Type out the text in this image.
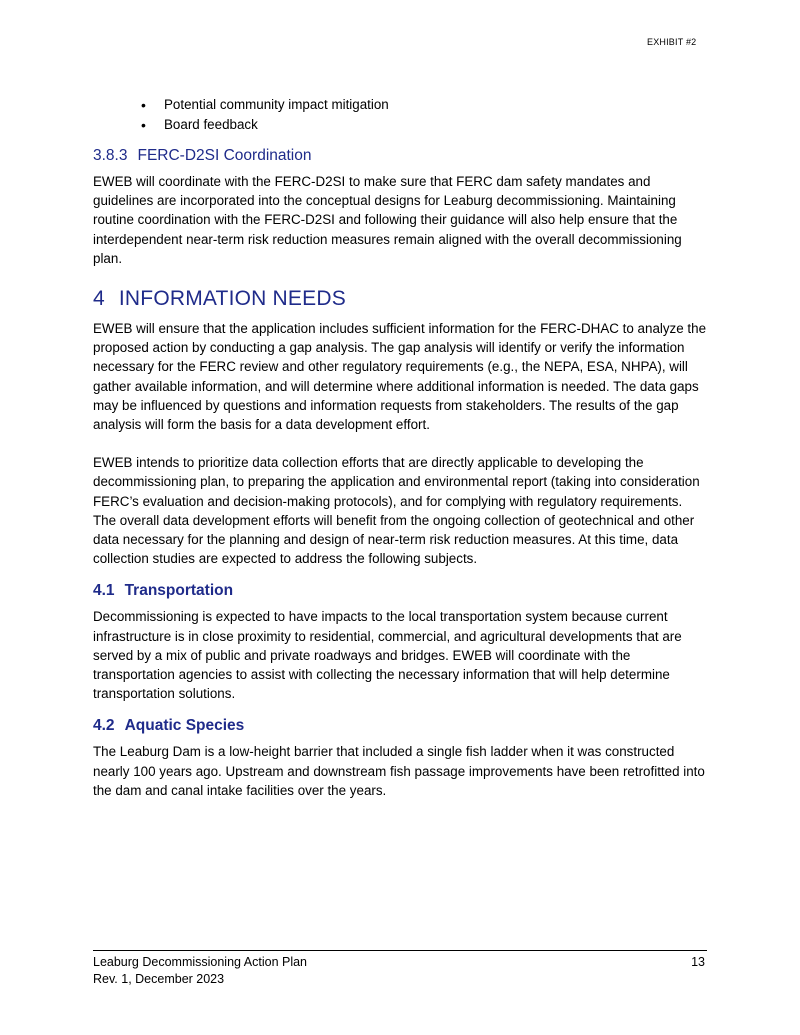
EXHIBIT #2
• Potential community impact mitigation
• Board feedback
3.8.3 FERC-D2SI Coordination

EWEB will coordinate with the FERC-D2SI to make sure that FERC dam safety mandates and guidelines are incorporated into the conceptual designs for Leaburg decommissioning. Maintaining routine coordination with the FERC-D2SI and following their guidance will also help ensure that the interdependent near-term risk reduction measures remain aligned with the overall decommissioning plan.

4 INFORMATION NEEDS

EWEB will ensure that the application includes sufficient information for the FERC-DHAC to analyze the proposed action by conducting a gap analysis. The gap analysis will identify or verify the information necessary for the FERC review and other regulatory requirements (e.g., the NEPA, ESA, NHPA), will gather available information, and will determine where additional information is needed. The data gaps may be influenced by questions and information requests from stakeholders. The results of the gap analysis will form the basis for a data development effort.

EWEB intends to prioritize data collection efforts that are directly applicable to developing the decommissioning plan, to preparing the application and environmental report (taking into consideration FERC’s evaluation and decision-making protocols), and for complying with regulatory requirements. The overall data development efforts will benefit from the ongoing collection of geotechnical and other data necessary for the planning and design of near-term risk reduction measures. At this time, data collection studies are expected to address the following subjects.

4.1 Transportation

Decommissioning is expected to have impacts to the local transportation system because current infrastructure is in close proximity to residential, commercial, and agricultural developments that are served by a mix of public and private roadways and bridges. EWEB will coordinate with the transportation agencies to assist with collecting the necessary information that will help determine transportation solutions.

4.2 Aquatic Species

The Leaburg Dam is a low-height barrier that included a single fish ladder when it was constructed nearly 100 years ago. Upstream and downstream fish passage improvements have been retrofitted into the dam and canal intake facilities over the years.

Leaburg Decommissioning Action Plan
Rev. 1, December 2023
13
